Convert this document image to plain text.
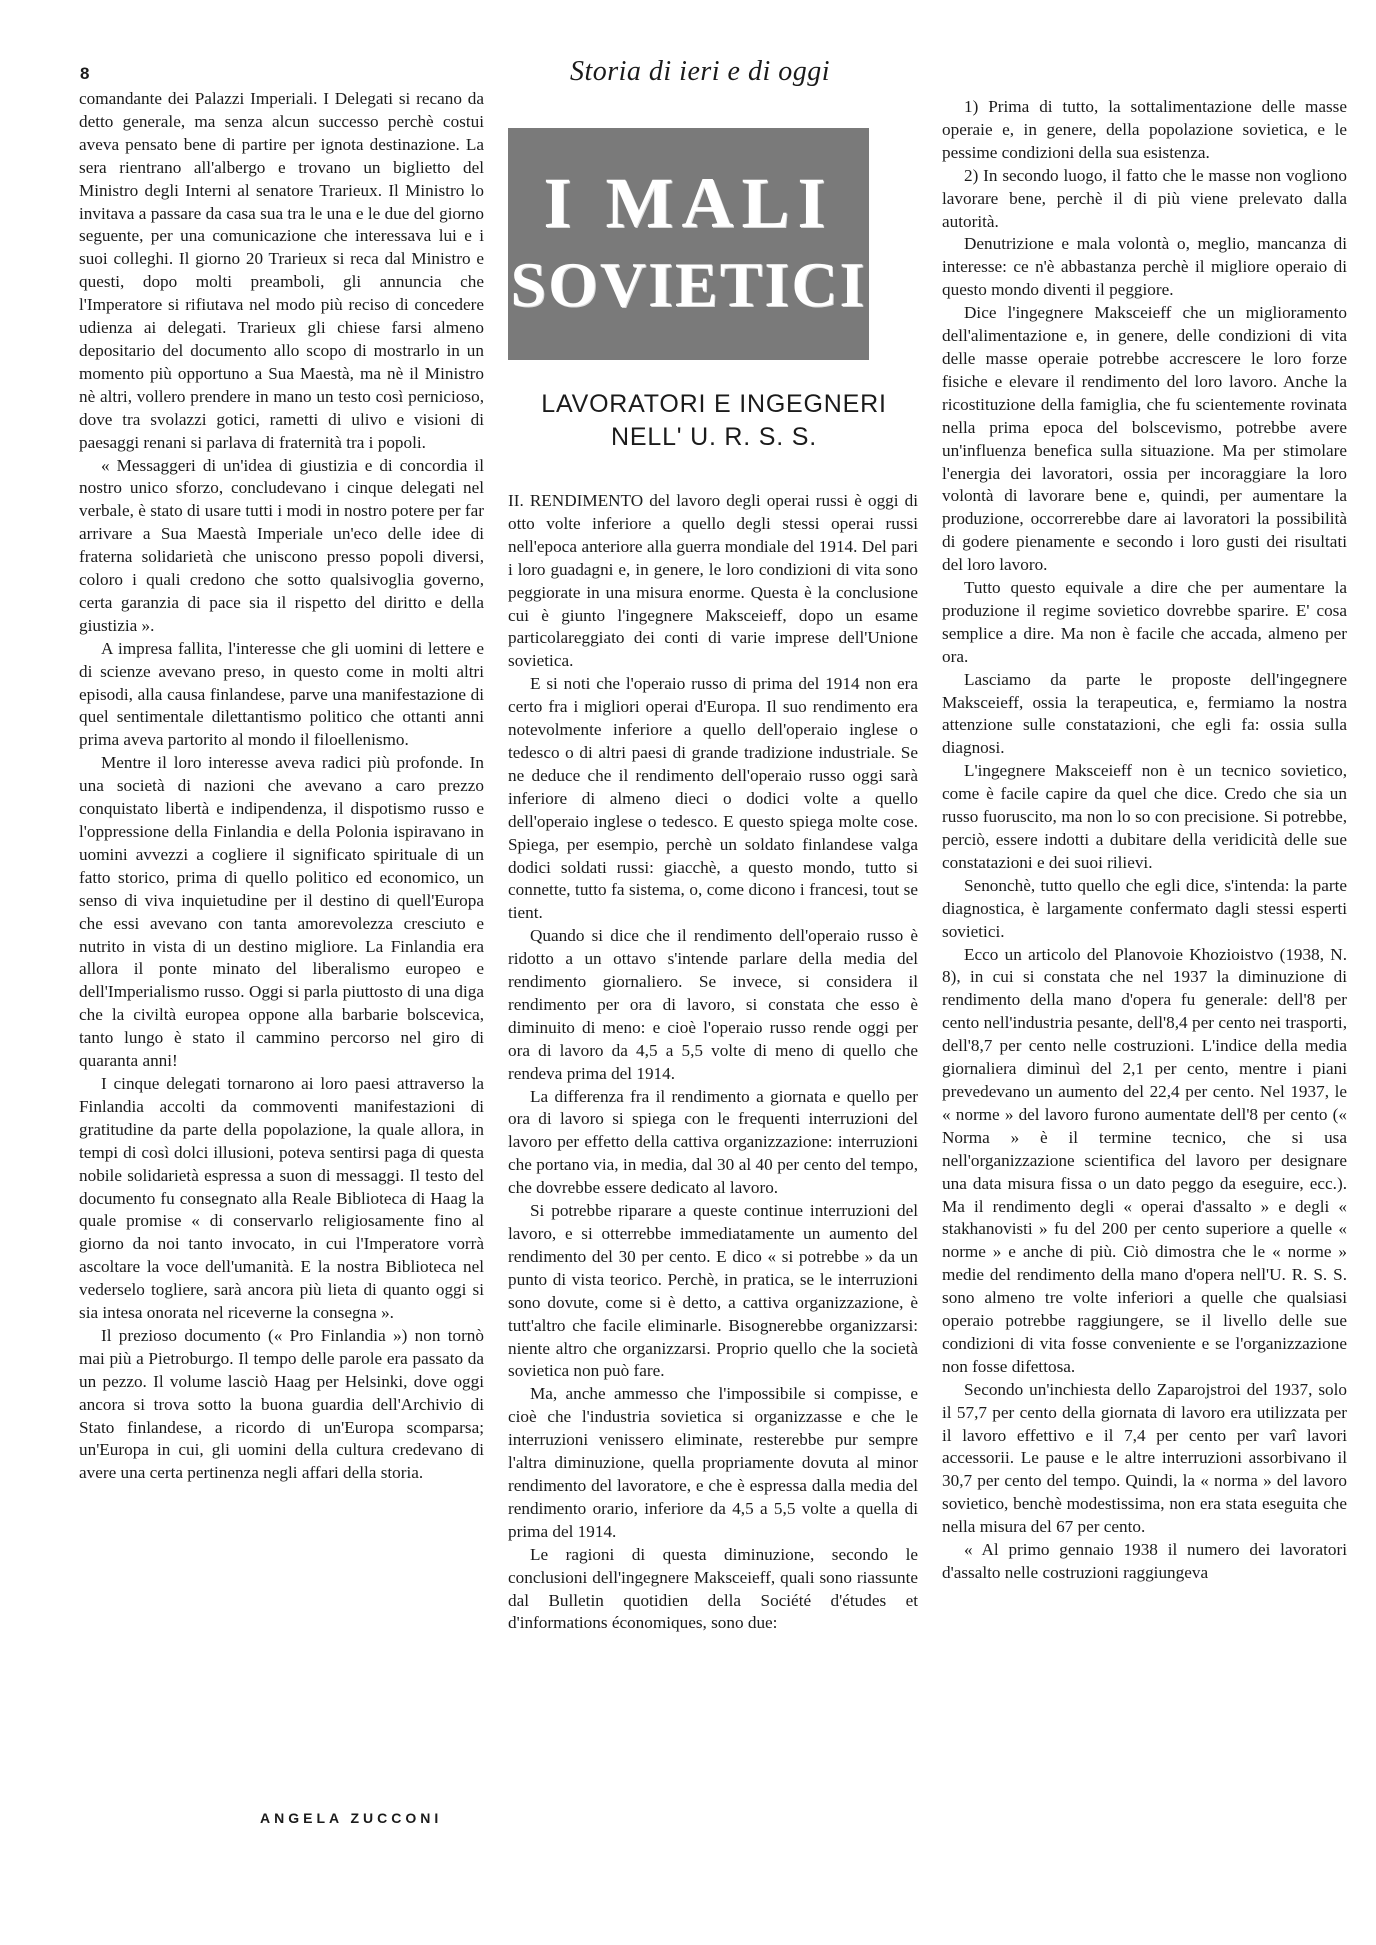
8	Storia di ieri e di oggi

comandante dei Palazzi Imperiali. I Delegati si recano da detto generale, ma senza alcun successo perchè costui aveva pensato bene di partire per ignota destinazione. La sera rientrano all'albergo e trovano un biglietto del Ministro degli Interni al senatore Trarieux. Il Ministro lo invitava a passare da casa sua tra le una e le due del giorno seguente, per una comunicazione che interessava lui e i suoi colleghi. Il giorno 20 Trarieux si reca dal Ministro e questi, dopo molti preamboli, gli annuncia che l'Imperatore si rifiutava nel modo più reciso di concedere udienza ai delegati. Trarieux gli chiese farsi almeno depositario del documento allo scopo di mostrarlo in un momento più opportuno a Sua Maestà, ma nè il Ministro nè altri, vollero prendere in mano un testo così pernicioso, dove tra svolazzi gotici, rametti di ulivo e visioni di paesaggi renani si parlava di fraternità tra i popoli.

« Messaggeri di un'idea di giustizia e di concordia il nostro unico sforzo, concludevano i cinque delegati nel verbale, è stato di usare tutti i modi in nostro potere per far arrivare a Sua Maestà Imperiale un'eco delle idee di fraterna solidarietà che uniscono presso popoli diversi, coloro i quali credono che sotto qualsivoglia governo, certa garanzia di pace sia il rispetto del diritto e della giustizia ».

A impresa fallita, l'interesse che gli uomini di lettere e di scienze avevano preso, in questo come in molti altri episodi, alla causa finlandese, parve una manifestazione di quel sentimentale dilettantismo politico che ottanti anni prima aveva partorito al mondo il filoellenismo.

Mentre il loro interesse aveva radici più profonde. In una società di nazioni che avevano a caro prezzo conquistato libertà e indipendenza, il dispotismo russo e l'oppressione della Finlandia e della Polonia ispiravano in uomini avvezzi a cogliere il significato spirituale di un fatto storico, prima di quello politico ed economico, un senso di viva inquietudine per il destino di quell'Europa che essi avevano con tanta amorevolezza cresciuto e nutrito in vista di un destino migliore. La Finlandia era allora il ponte minato del liberalismo europeo e dell'Imperialismo russo. Oggi si parla piuttosto di una diga che la civiltà europea oppone alla barbarie bolscevica, tanto lungo è stato il cammino percorso nel giro di quaranta anni!

I cinque delegati tornarono ai loro paesi attraverso la Finlandia accolti da commoventi manifestazioni di gratitudine da parte della popolazione, la quale allora, in tempi di così dolci illusioni, poteva sentirsi paga di questa nobile solidarietà espressa a suon di messaggi. Il testo del documento fu consegnato alla Reale Biblioteca di Haag la quale promise « di conservarlo religiosamente fino al giorno da noi tanto invocato, in cui l'Imperatore vorrà ascoltare la voce dell'umanità. E la nostra Biblioteca nel vederselo togliere, sarà ancora più lieta di quanto oggi si sia intesa onorata nel riceverne la consegna ».

Il prezioso documento (« Pro Finlandia ») non tornò mai più a Pietroburgo. Il tempo delle parole era passato da un pezzo. Il volume lasciò Haag per Helsinki, dove oggi ancora si trova sotto la buona guardia dell'Archivio di Stato finlandese, a ricordo di un'Europa scomparsa; un'Europa in cui, gli uomini della cultura credevano di avere una certa pertinenza negli affari della storia.

I MALI
SOVIETICI
LAVORATORI E INGEGNERI
NELL' U. R. S. S.

II. RENDIMENTO del lavoro degli operai russi è oggi di otto volte inferiore a quello degli stessi operai russi nell'epoca anteriore alla guerra mondiale del 1914. Del pari i loro guadagni e, in genere, le loro condizioni di vita sono peggiorate in una misura enorme. Questa è la conclusione cui è giunto l'ingegnere Maksceieff, dopo un esame particolareggiato dei conti di varie imprese dell'Unione sovietica.

E si noti che l'operaio russo di prima del 1914 non era certo fra i migliori operai d'Europa. Il suo rendimento era notevolmente inferiore a quello dell'operaio inglese o tedesco o di altri paesi di grande tradizione industriale. Se ne deduce che il rendimento dell'operaio russo oggi sarà inferiore di almeno dieci o dodici volte a quello dell'operaio inglese o tedesco. E questo spiega molte cose. Spiega, per esempio, perchè un soldato finlandese valga dodici soldati russi: giacchè, a questo mondo, tutto si connette, tutto fa sistema, o, come dicono i francesi, tout se tient.

Quando si dice che il rendimento dell'operaio russo è ridotto a un ottavo s'intende parlare della media del rendimento giornaliero. Se invece, si considera il rendimento per ora di lavoro, si constata che esso è diminuito di meno: e cioè l'operaio russo rende oggi per ora di lavoro da 4,5 a 5,5 volte di meno di quello che rendeva prima del 1914.

La differenza fra il rendimento a giornata e quello per ora di lavoro si spiega con le frequenti interruzioni del lavoro per effetto della cattiva organizzazione: interruzioni che portano via, in media, dal 30 al 40 per cento del tempo, che dovrebbe essere dedicato al lavoro.

Si potrebbe riparare a queste continue interruzioni del lavoro, e si otterrebbe immediatamente un aumento del rendimento del 30 per cento. E dico « si potrebbe » da un punto di vista teorico. Perchè, in pratica, se le interruzioni sono dovute, come si è detto, a cattiva organizzazione, è tutt'altro che facile eliminarle. Bisognerebbe organizzarsi: niente altro che organizzarsi. Proprio quello che la società sovietica non può fare.

Ma, anche ammesso che l'impossibile si compisse, e cioè che l'industria sovietica si organizzasse e che le interruzioni venissero eliminate, resterebbe pur sempre l'altra diminuzione, quella propriamente dovuta al minor rendimento del lavoratore, e che è espressa dalla media del rendimento orario, inferiore da 4,5 a 5,5 volte a quella di prima del 1914.

Le ragioni di questa diminuzione, secondo le conclusioni dell'ingegnere Maksceieff, quali sono riassunte dal Bulletin quotidien della Société d'études et d'informations économiques, sono due:

1) Prima di tutto, la sottalimentazione delle masse operaie e, in genere, della popolazione sovietica, e le pessime condizioni della sua esistenza.

2) In secondo luogo, il fatto che le masse non vogliono lavorare bene, perchè il di più viene prelevato dalla autorità.

Denutrizione e mala volontà o, meglio, mancanza di interesse: ce n'è abbastanza perchè il migliore operaio di questo mondo diventi il peggiore.

Dice l'ingegnere Maksceieff che un miglioramento dell'alimentazione e, in genere, delle condizioni di vita delle masse operaie potrebbe accrescere le loro forze fisiche e elevare il rendimento del loro lavoro. Anche la ricostituzione della famiglia, che fu scientemente rovinata nella prima epoca del bolscevismo, potrebbe avere un'influenza benefica sulla situazione. Ma per stimolare l'energia dei lavoratori, ossia per incoraggiare la loro volontà di lavorare bene e, quindi, per aumentare la produzione, occorrerebbe dare ai lavoratori la possibilità di godere pienamente e secondo i loro gusti dei risultati del loro lavoro.

Tutto questo equivale a dire che per aumentare la produzione il regime sovietico dovrebbe sparire. E' cosa semplice a dire. Ma non è facile che accada, almeno per ora.

Lasciamo da parte le proposte dell'ingegnere Maksceieff, ossia la terapeutica, e, fermiamo la nostra attenzione sulle constatazioni, che egli fa: ossia sulla diagnosi.

L'ingegnere Maksceieff non è un tecnico sovietico, come è facile capire da quel che dice. Credo che sia un russo fuoruscito, ma non lo so con precisione. Si potrebbe, perciò, essere indotti a dubitare della veridicità delle sue constatazioni e dei suoi rilievi.

Senonchè, tutto quello che egli dice, s'intenda: la parte diagnostica, è largamente confermato dagli stessi esperti sovietici.

Ecco un articolo del Planovoie Khozioistvo (1938, N. 8), in cui si constata che nel 1937 la diminuzione di rendimento della mano d'opera fu generale: dell'8 per cento nell'industria pesante, dell'8,4 per cento nei trasporti, dell'8,7 per cento nelle costruzioni. L'indice della media giornaliera diminuì del 2,1 per cento, mentre i piani prevedevano un aumento del 22,4 per cento. Nel 1937, le « norme » del lavoro furono aumentate dell'8 per cento (« Norma » è il termine tecnico, che si usa nell'organizzazione scientifica del lavoro per designare una data misura fissa o un dato peggo da eseguire, ecc.). Ma il rendimento degli « operai d'assalto » e degli « stakhanovisti » fu del 200 per cento superiore a quelle « norme » e anche di più. Ciò dimostra che le « norme » medie del rendimento della mano d'opera nell'U. R. S. S. sono almeno tre volte inferiori a quelle che qualsiasi operaio potrebbe raggiungere, se il livello delle sue condizioni di vita fosse conveniente e se l'organizzazione non fosse difettosa.

Secondo un'inchiesta dello Zaparojstroi del 1937, solo il 57,7 per cento della giornata di lavoro era utilizzata per il lavoro effettivo e il 7,4 per cento per varî lavori accessorii. Le pause e le altre interruzioni assorbivano il 30,7 per cento del tempo. Quindi, la « norma » del lavoro sovietico, benchè modestissima, non era stata eseguita che nella misura del 67 per cento.

« Al primo gennaio 1938 il numero dei lavoratori d'assalto nelle costruzioni raggiungeva

ANGELA ZUCCONI
